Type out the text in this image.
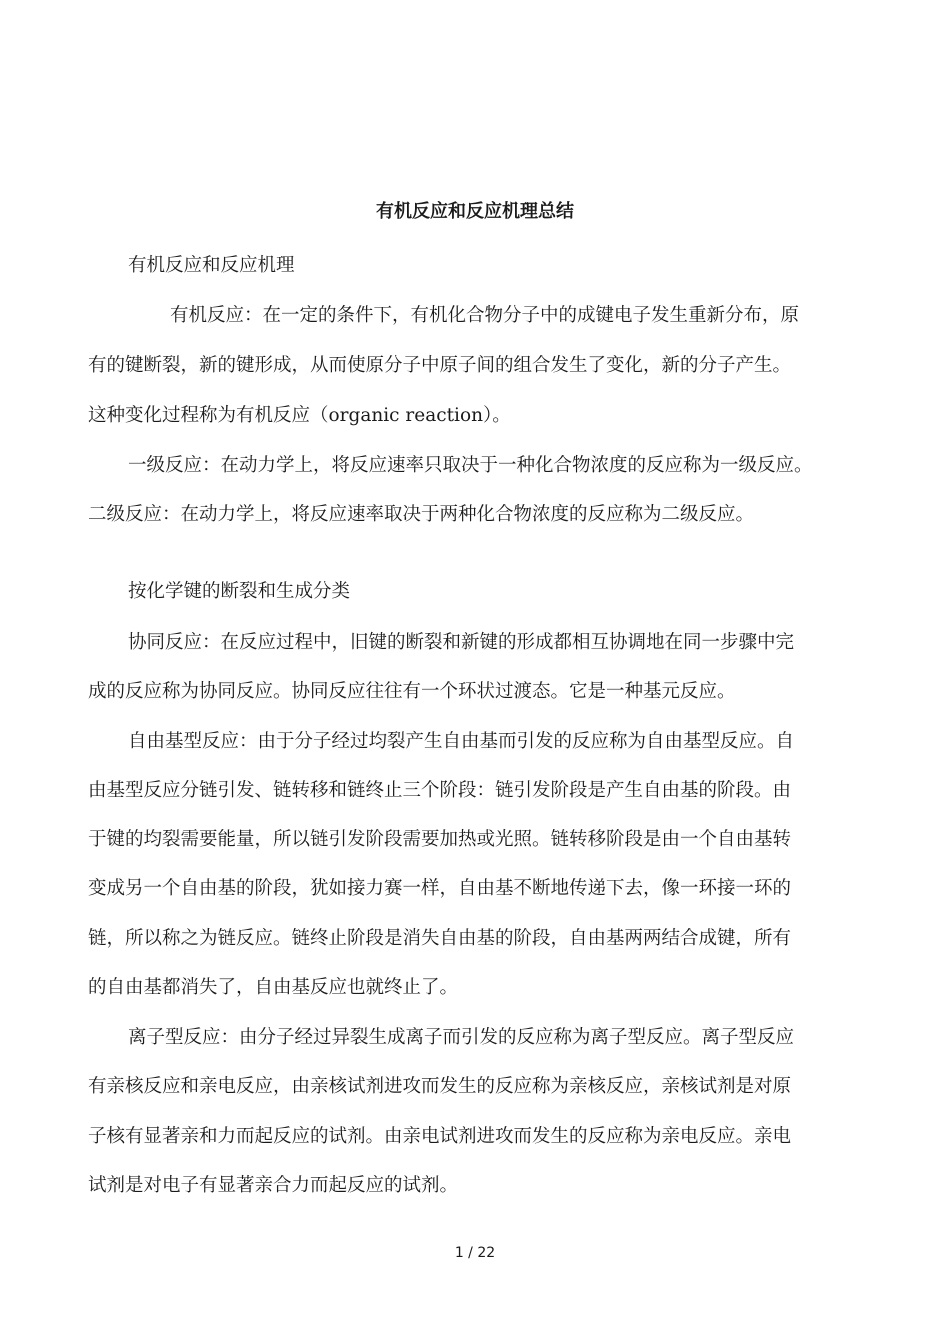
有机反应和反应机理总结
有机反应和反应机理
有机反应：在一定的条件下，有机化合物分子中的成键电子发生重新分布，原
有的键断裂，新的键形成，从而使原分子中原子间的组合发生了变化，新的分子产生。
这种变化过程称为有机反应（organic reaction）。
一级反应：在动力学上，将反应速率只取决于一种化合物浓度的反应称为一级反应。
二级反应：在动力学上，将反应速率取决于两种化合物浓度的反应称为二级反应。
按化学键的断裂和生成分类
协同反应：在反应过程中，旧键的断裂和新键的形成都相互协调地在同一步骤中完
成的反应称为协同反应。协同反应往往有一个环状过渡态。它是一种基元反应。
自由基型反应：由于分子经过均裂产生自由基而引发的反应称为自由基型反应。自
由基型反应分链引发、链转移和链终止三个阶段：链引发阶段是产生自由基的阶段。由
于键的均裂需要能量，所以链引发阶段需要加热或光照。链转移阶段是由一个自由基转
变成另一个自由基的阶段，犹如接力赛一样，自由基不断地传递下去，像一环接一环的
链，所以称之为链反应。链终止阶段是消失自由基的阶段，自由基两两结合成键，所有
的自由基都消失了，自由基反应也就终止了。
离子型反应：由分子经过异裂生成离子而引发的反应称为离子型反应。离子型反应
有亲核反应和亲电反应，由亲核试剂进攻而发生的反应称为亲核反应，亲核试剂是对原
子核有显著亲和力而起反应的试剂。由亲电试剂进攻而发生的反应称为亲电反应。亲电
试剂是对电子有显著亲合力而起反应的试剂。
1 / 22
